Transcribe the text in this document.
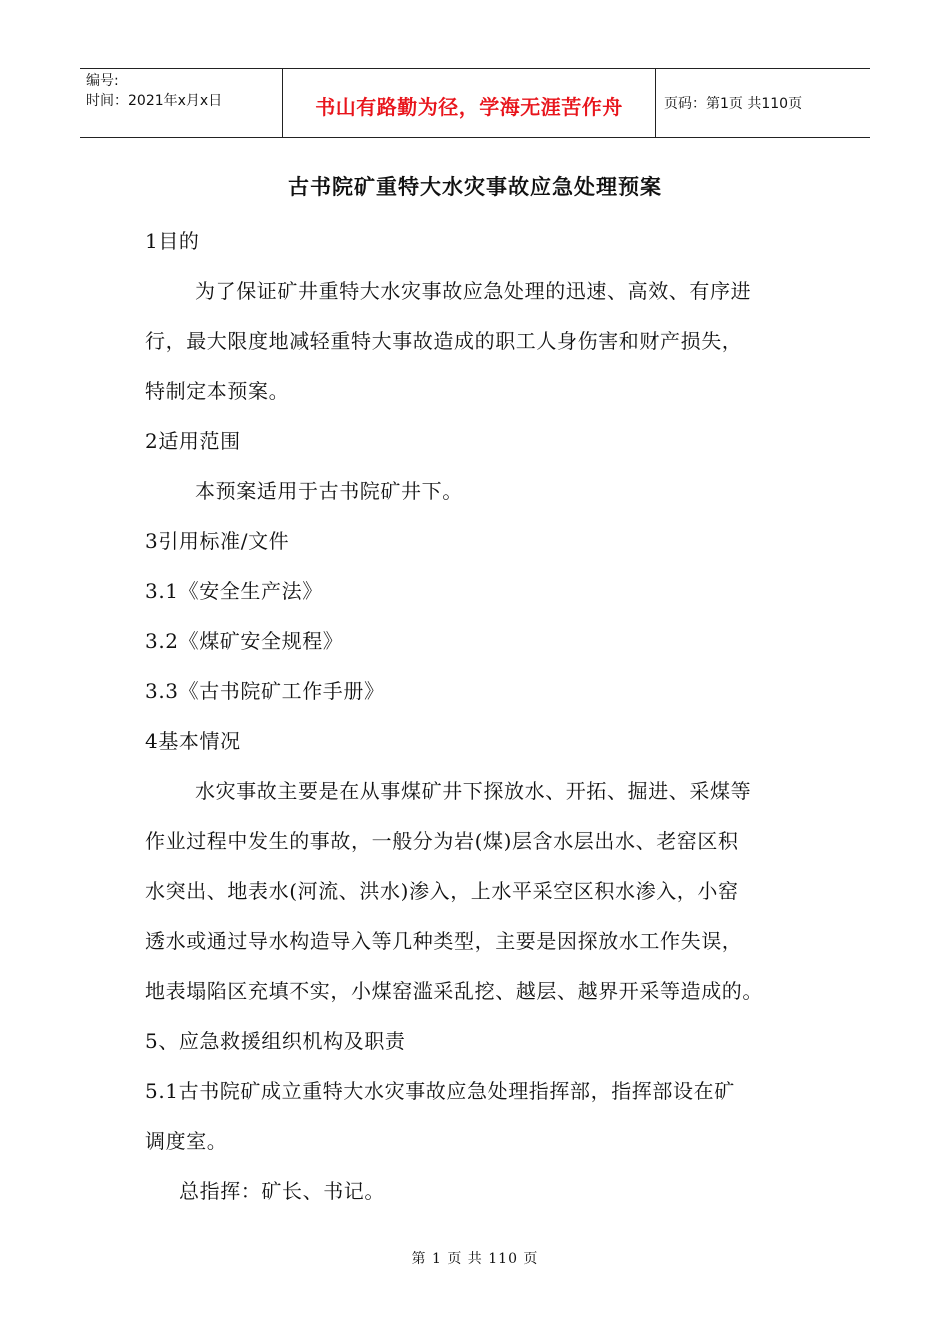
编号:
时间：2021年x月x日	书山有路勤为径，学海无涯苦作舟	页码：第1页 共110页
古书院矿重特大水灾事故应急处理预案
1目的
为了保证矿井重特大水灾事故应急处理的迅速、高效、有序进
行，最大限度地减轻重特大事故造成的职工人身伤害和财产损失，
特制定本预案。
2适用范围
本预案适用于古书院矿井下。
3引用标准/文件
3.1《安全生产法》
3.2《煤矿安全规程》
3.3《古书院矿工作手册》
4基本情况
水灾事故主要是在从事煤矿井下探放水、开拓、掘进、采煤等
作业过程中发生的事故，一般分为岩(煤)层含水层出水、老窑区积
水突出、地表水(河流、洪水)渗入，上水平采空区积水渗入，小窑
透水或通过导水构造导入等几种类型，主要是因探放水工作失误，
地表塌陷区充填不实，小煤窑滥采乱挖、越层、越界开采等造成的。
5、应急救援组织机构及职责
5.1古书院矿成立重特大水灾事故应急处理指挥部，指挥部设在矿
调度室。
总指挥：矿长、书记。
第 1 页 共 110 页
